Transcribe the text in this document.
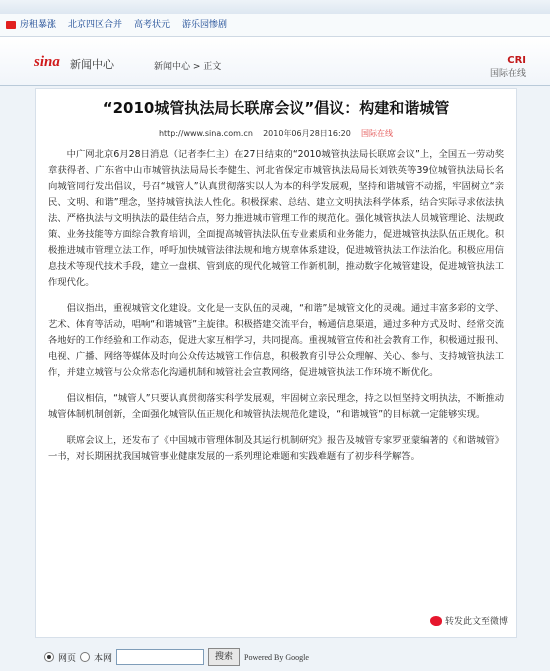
房租暴涨 北京四区合并 高考状元 游乐园惨剧
sina 新闻中心	新闻中心 > 正文
CRI
国际在线
“2010城管执法局长联席会议”倡议：构建和谐城管
http://www.sina.com.cn 2010年06月28日16:20 国际在线

中广网北京6月28日消息（记者李仁主）在27日结束的“2010城管执法局长联席会议”上，全国五一劳动奖章获得者、广东省中山市城管执法局局长李健生、河北省保定市城管执法局局长刘铁英等39位城管执法局长名向城管同行发出倡议，号召“城管人”认真贯彻落实以人为本的科学发展观，坚持和谐城管不动摇，牢固树立“亲民、文明、和谐”理念，坚持城管执法人性化。积极探索、总结、建立文明执法科学体系，结合实际寻求依法执法、严格执法与文明执法的最佳结合点，努力推进城市管理工作的规范化。强化城管执法人员城管理论、法规政策、业务技能等方面综合教育培训，全面提高城管执法队伍专业素质和业务能力，促进城管执法队伍正规化。积极推进城市管理立法工作，呼吁加快城管法律法规和地方规章体系建设，促进城管执法工作法治化。积极应用信息技术等现代技术手段，建立一盘棋、管到底的现代化城管工作新机制，推动数字化城管建设，促进城管执法工作现代化。

倡议指出，重视城管文化建设。文化是一支队伍的灵魂，“和谐”是城管文化的灵魂。通过丰富多彩的文学、艺术、体育等活动，唱响“和谐城管”主旋律。积极搭建交流平台，畅通信息渠道，通过多种方式及时、经常交流各地好的工作经验和工作动态，促进大家互相学习，共同提高。重视城管宣传和社会教育工作，积极通过报刊、电视、广播、网络等媒体及时向公众传达城管工作信息，积极教育引导公众理解、关心、参与、支持城管执法工作，并建立城管与公众常态化沟通机制和城管社会宣教网络，促进城管执法工作环境不断优化。

倡议相信，“城管人”只要认真贯彻落实科学发展观，牢固树立亲民理念，持之以恒坚持文明执法，不断推动城管体制机制创新，全面强化城管队伍正规化和城管执法规范化建设，“和谐城管”的目标就一定能够实现。

联席会议上，还发布了《中国城市管理体制及其运行机制研究》报告及城管专家罗亚蒙编著的《和谐城管》一书，对长期困扰我国城管事业健康发展的一系列理论难题和实践难题有了初步科学解答。

转发此文至微博
网页 本网	搜索	Powered By Google
